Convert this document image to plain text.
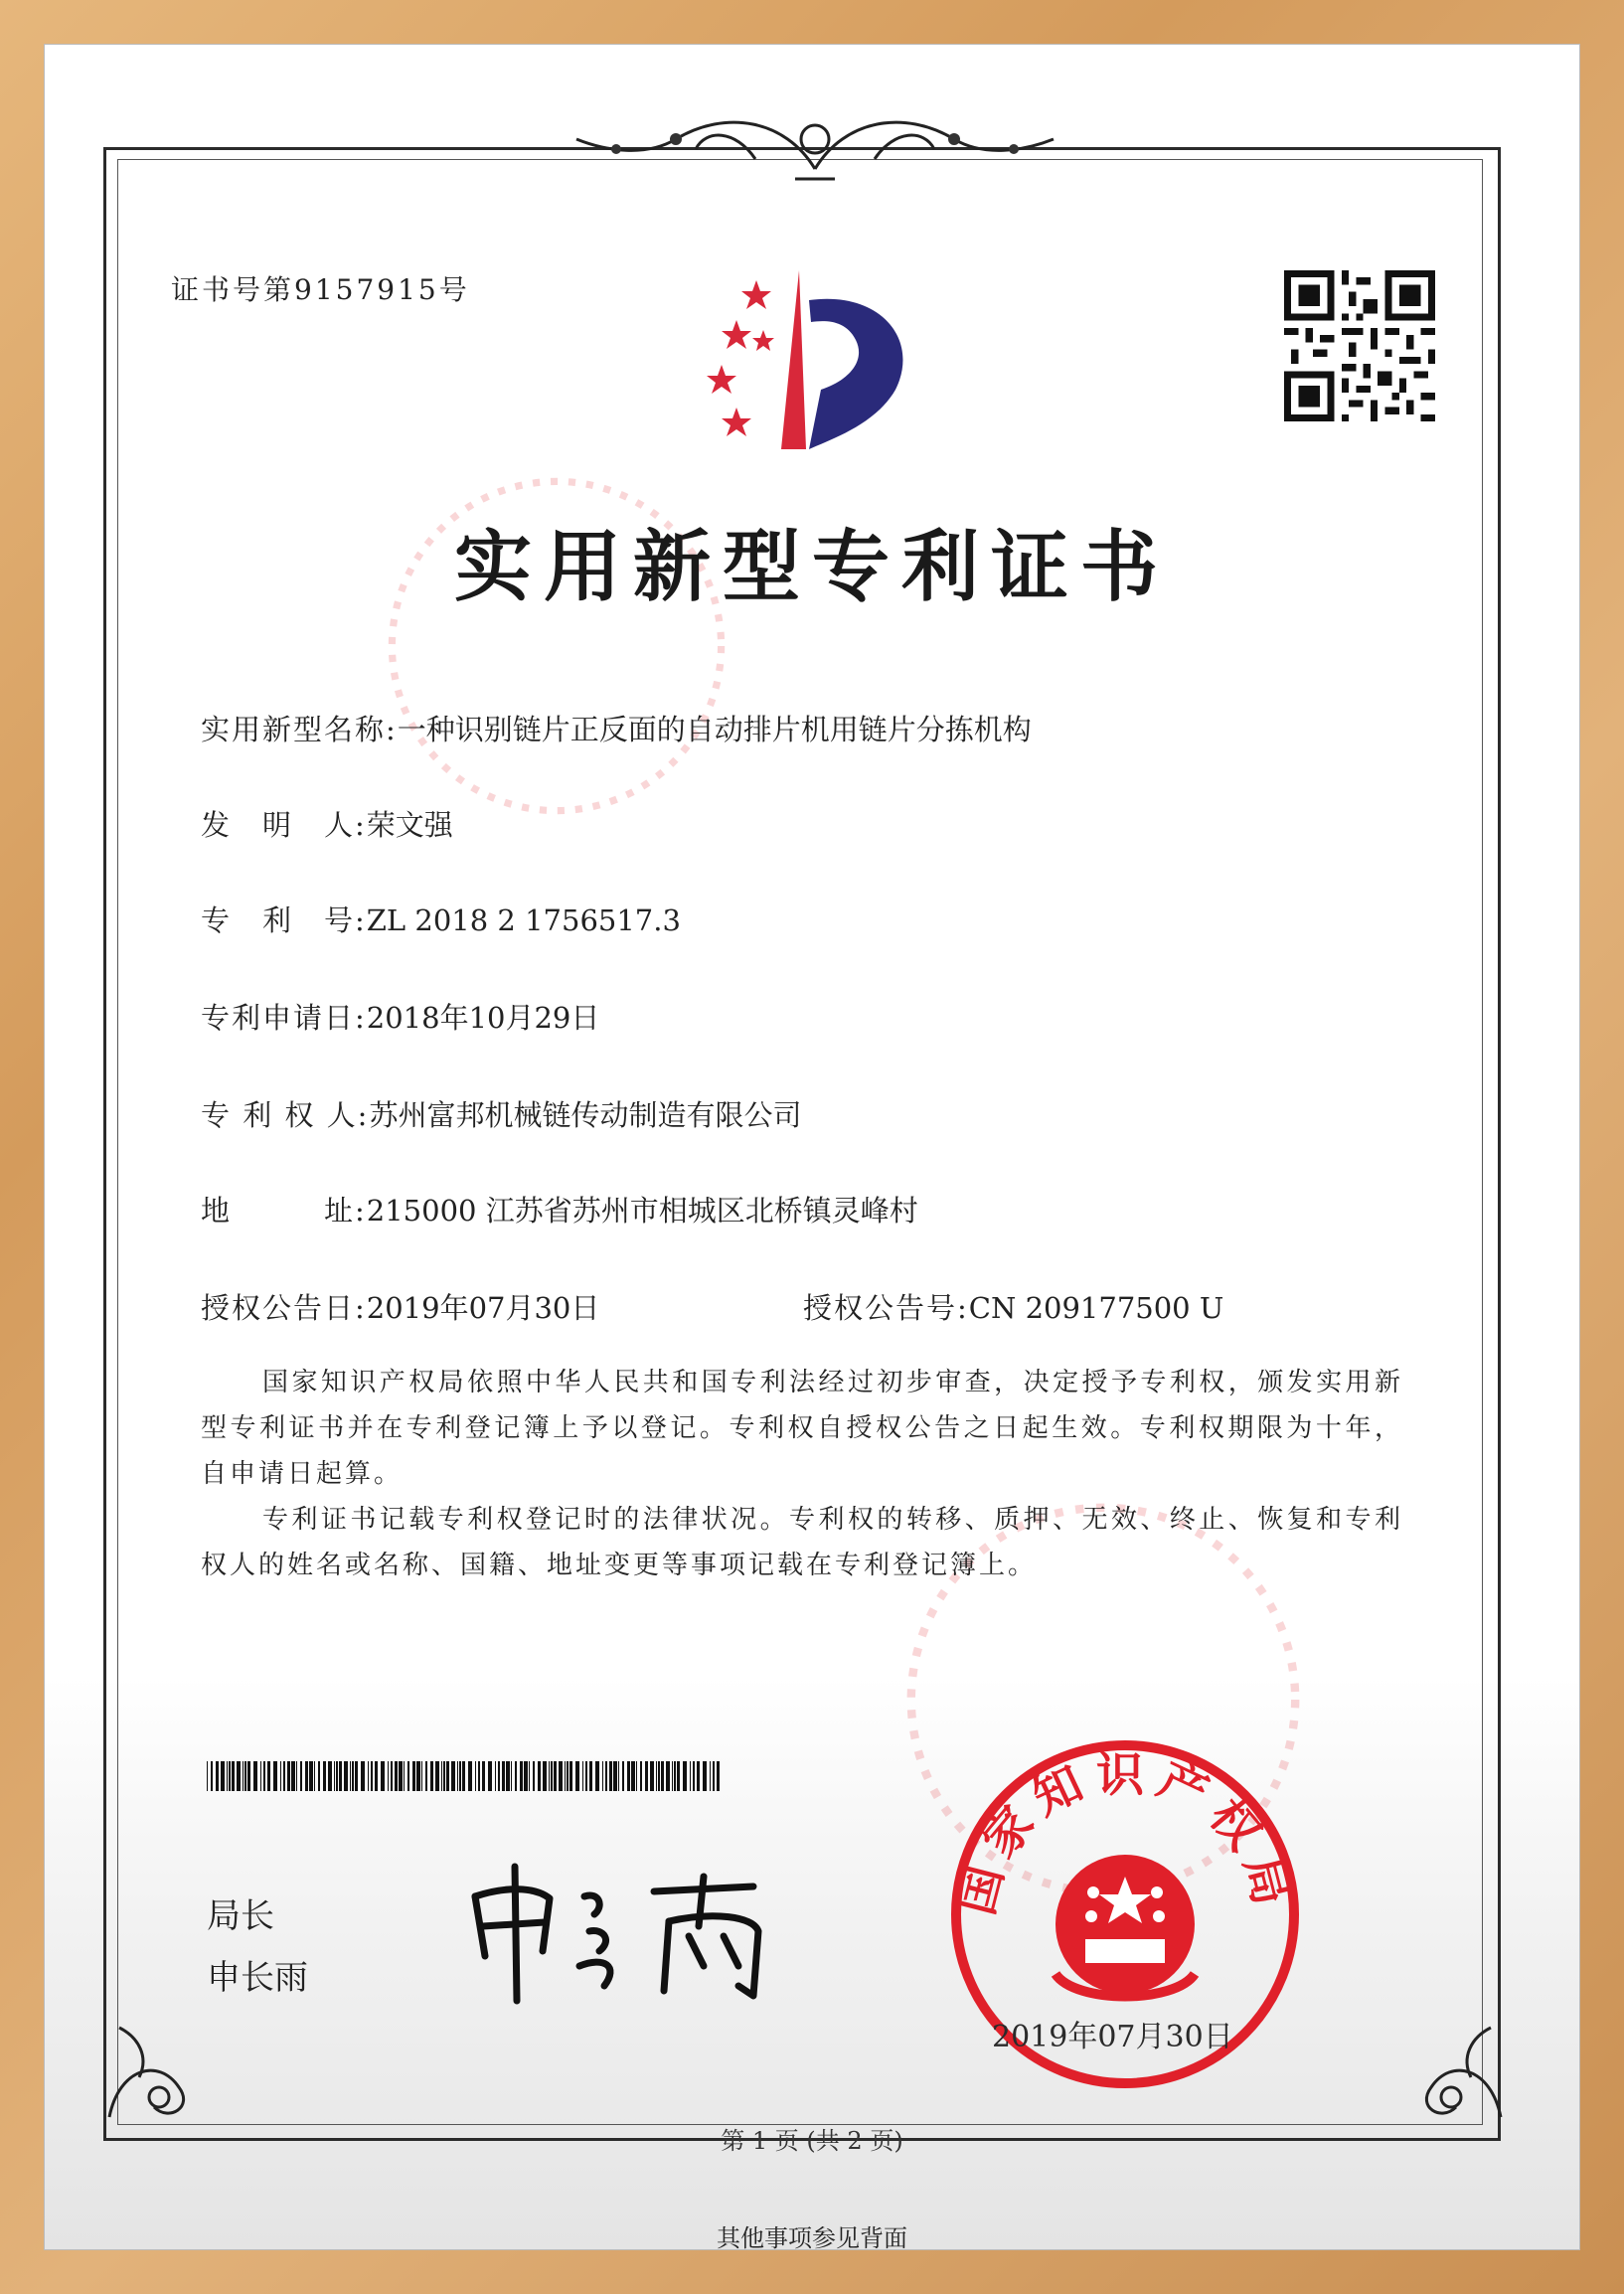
证书号第9157915号
实用新型专利证书
实用新型名称:一种识别链片正反面的自动排片机用链片分拣机构
发　明　人:荣文强
专　利　号:ZL 2018 2 1756517.3
专利申请日:2018年10月29日
专 利 权 人:苏州富邦机械链传动制造有限公司
地　　　址:215000 江苏省苏州市相城区北桥镇灵峰村
授权公告日:2019年07月30日	授权公告号:CN 209177500 U

国家知识产权局依照中华人民共和国专利法经过初步审查，决定授予专利权，颁发实用新型专利证书并在专利登记簿上予以登记。专利权自授权公告之日起生效。专利权期限为十年，自申请日起算。

专利证书记载专利权登记时的法律状况。专利权的转移、质押、无效、终止、恢复和专利权人的姓名或名称、国籍、地址变更等事项记载在专利登记簿上。

局长
申长雨
国家知识产权局
2019年07月30日
第 1 页 (共 2 页)
其他事项参见背面
